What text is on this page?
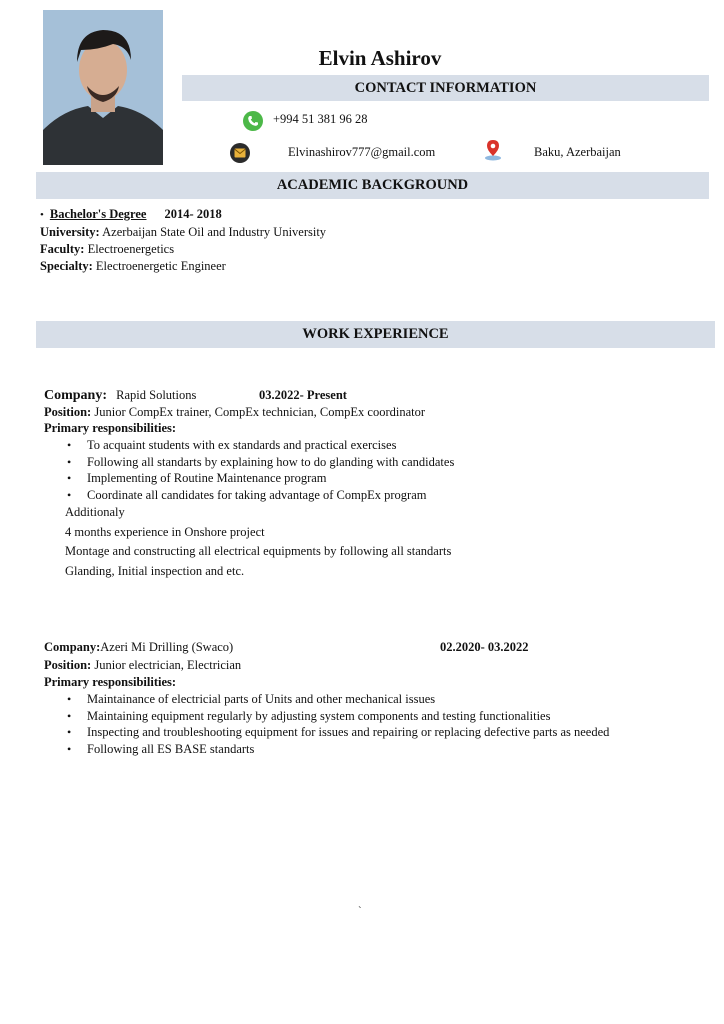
Elvin Ashirov
CONTACT INFORMATION
+994 51 381 96 28
Elvinashirov777@gmail.com	Baku, Azerbaijan
ACADEMIC BACKGROUND
• Bachelor's Degree 2014- 2018
University: Azerbaijan State Oil and Industry University
Faculty: Electroenergetics
Specialty: Electroenergetic Engineer
WORK EXPERIENCE
Company: Rapid Solutions	03.2022- Present
Position: Junior CompEx trainer, CompEx technician, CompEx coordinator
Primary responsibilities:
• To acquaint students with ex standards and practical exercises
• Following all standarts by explaining how to do glanding with candidates
• Implementing of Routine Maintenance program
• Coordinate all candidates for taking advantage of CompEx program
Additionaly
4 months experience in Onshore project
Montage and constructing all electrical equipments by following all standarts
Glanding, Initial inspection and etc.
Company:Azeri Mi Drilling (Swaco)	02.2020- 03.2022
Position: Junior electrician, Electrician
Primary responsibilities:
• Maintainance of electricial parts of Units and other mechanical issues
• Maintaining equipment regularly by adjusting system components and testing functionalities
• Inspecting and troubleshooting equipment for issues and repairing or replacing defective parts as needed
• Following all ES BASE standarts
`
